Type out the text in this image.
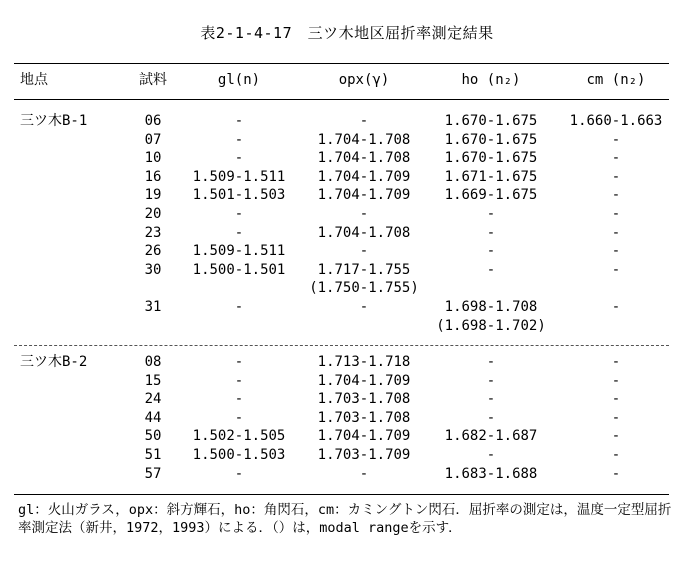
表2-1-4-17　三ツ木地区屈折率測定結果
地点	試料	gl(n)	opx(γ)	ho (n₂)	cm (n₂)
三ツ木B-1	06	-	-	1.670-1.675	1.660-1.663
07	-	1.704-1.708	1.670-1.675	-
10	-	1.704-1.708	1.670-1.675	-
16	1.509-1.511	1.704-1.709	1.671-1.675	-
19	1.501-1.503	1.704-1.709	1.669-1.675	-
20	-	-	-	-
23	-	1.704-1.708	-	-
26	1.509-1.511	-	-	-
30	1.500-1.501	1.717-1.755	-	-
(1.750-1.755)
31	-	-	1.698-1.708	-
(1.698-1.702)
三ツ木B-2	08	-	1.713-1.718	-	-
15	-	1.704-1.709	-	-
24	-	1.703-1.708	-	-
44	-	1.703-1.708	-	-
50	1.502-1.505	1.704-1.709	1.682-1.687	-
51	1.500-1.503	1.703-1.709	-	-
57	-	-	1.683-1.688	-
gl：火山ガラス，opx：斜方輝石，ho：角閃石，cm：カミングトン閃石．屈折率の測定は，温度一定型屈折率測定法（新井，1972，1993）による．（）は，modal rangeを示す．
